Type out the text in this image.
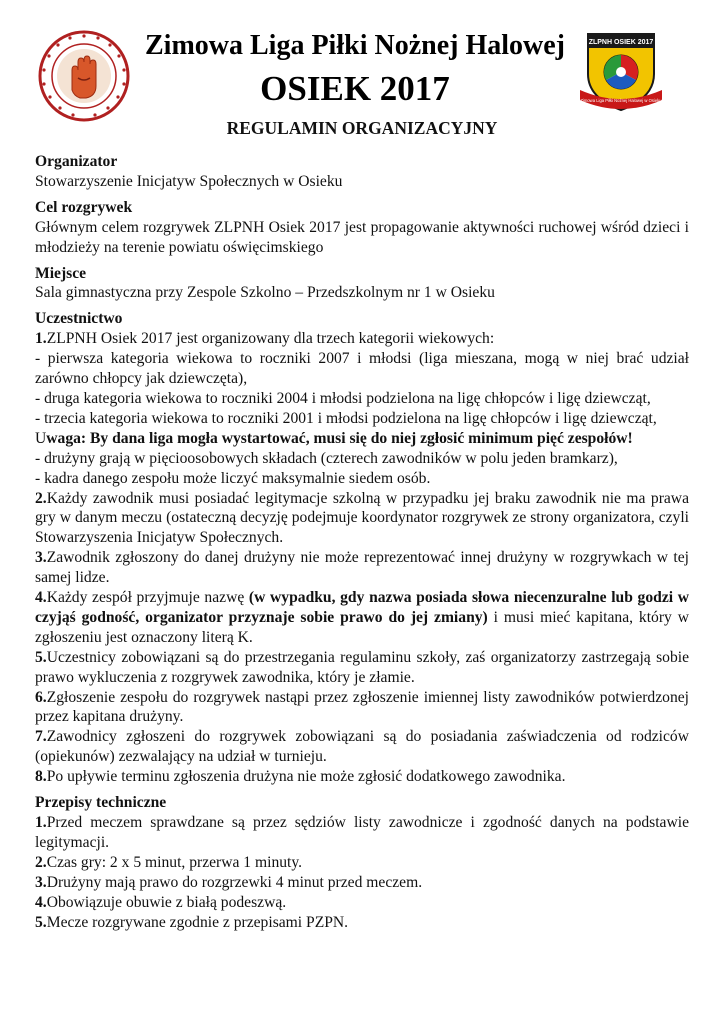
Zimowa Liga Piłki Nożnej Halowej
OSIEK 2017
ZLPNH OSIEK 2017
Zimowa Liga Piłki Nożnej Halowej w Osieku
REGULAMIN ORGANIZACYJNY
Organizator

Stowarzyszenie Inicjatyw Społecznych w Osieku

Cel rozgrywek

Głównym celem rozgrywek ZLPNH Osiek 2017 jest propagowanie aktywności ruchowej wśród dzieci i młodzieży na terenie powiatu oświęcimskiego

Miejsce

Sala gimnastyczna przy Zespole Szkolno – Przedszkolnym nr 1 w Osieku

Uczestnictwo

1.ZLPNH Osiek 2017 jest organizowany dla trzech kategorii wiekowych:

- pierwsza kategoria wiekowa to roczniki 2007 i młodsi (liga mieszana, mogą w niej brać udział zarówno chłopcy jak dziewczęta),

- druga kategoria wiekowa to roczniki 2004 i młodsi podzielona na ligę chłopców i ligę dziewcząt,

- trzecia kategoria wiekowa to roczniki 2001 i młodsi podzielona na ligę chłopców i ligę dziewcząt,

Uwaga: By dana liga mogła wystartować, musi się do niej zgłosić minimum pięć zespołów!

- drużyny grają w pięcioosobowych składach (czterech zawodników w polu jeden bramkarz),

- kadra danego zespołu może liczyć maksymalnie siedem osób.

2.Każdy zawodnik musi posiadać legitymacje szkolną w przypadku jej braku zawodnik nie ma prawa gry w danym meczu (ostateczną decyzję podejmuje koordynator rozgrywek ze strony organizatora, czyli Stowarzyszenia Inicjatyw Społecznych.

3.Zawodnik zgłoszony do danej drużyny nie może reprezentować innej drużyny w rozgrywkach w tej samej lidze.

4.Każdy zespół przyjmuje nazwę (w wypadku, gdy nazwa posiada słowa niecenzuralne lub godzi w czyjąś godność, organizator przyznaje sobie prawo do jej zmiany) i musi mieć kapitana, który w zgłoszeniu jest oznaczony literą K.

5.Uczestnicy zobowiązani są do przestrzegania regulaminu szkoły, zaś organizatorzy zastrzegają sobie prawo wykluczenia z rozgrywek zawodnika, który je złamie.

6.Zgłoszenie zespołu do rozgrywek nastąpi przez zgłoszenie imiennej listy zawodników potwierdzonej przez kapitana drużyny.

7.Zawodnicy zgłoszeni do rozgrywek zobowiązani są do posiadania zaświadczenia od rodziców (opiekunów) zezwalający na udział w turnieju.

8.Po upływie terminu zgłoszenia drużyna nie może zgłosić dodatkowego zawodnika.

Przepisy techniczne

1.Przed meczem sprawdzane są przez sędziów listy zawodnicze i zgodność danych na podstawie legitymacji.

2.Czas gry: 2 x 5 minut, przerwa 1 minuty.

3.Drużyny mają prawo do rozgrzewki 4 minut przed meczem.

4.Obowiązuje obuwie z białą podeszwą.

5.Mecze rozgrywane zgodnie z przepisami PZPN.
